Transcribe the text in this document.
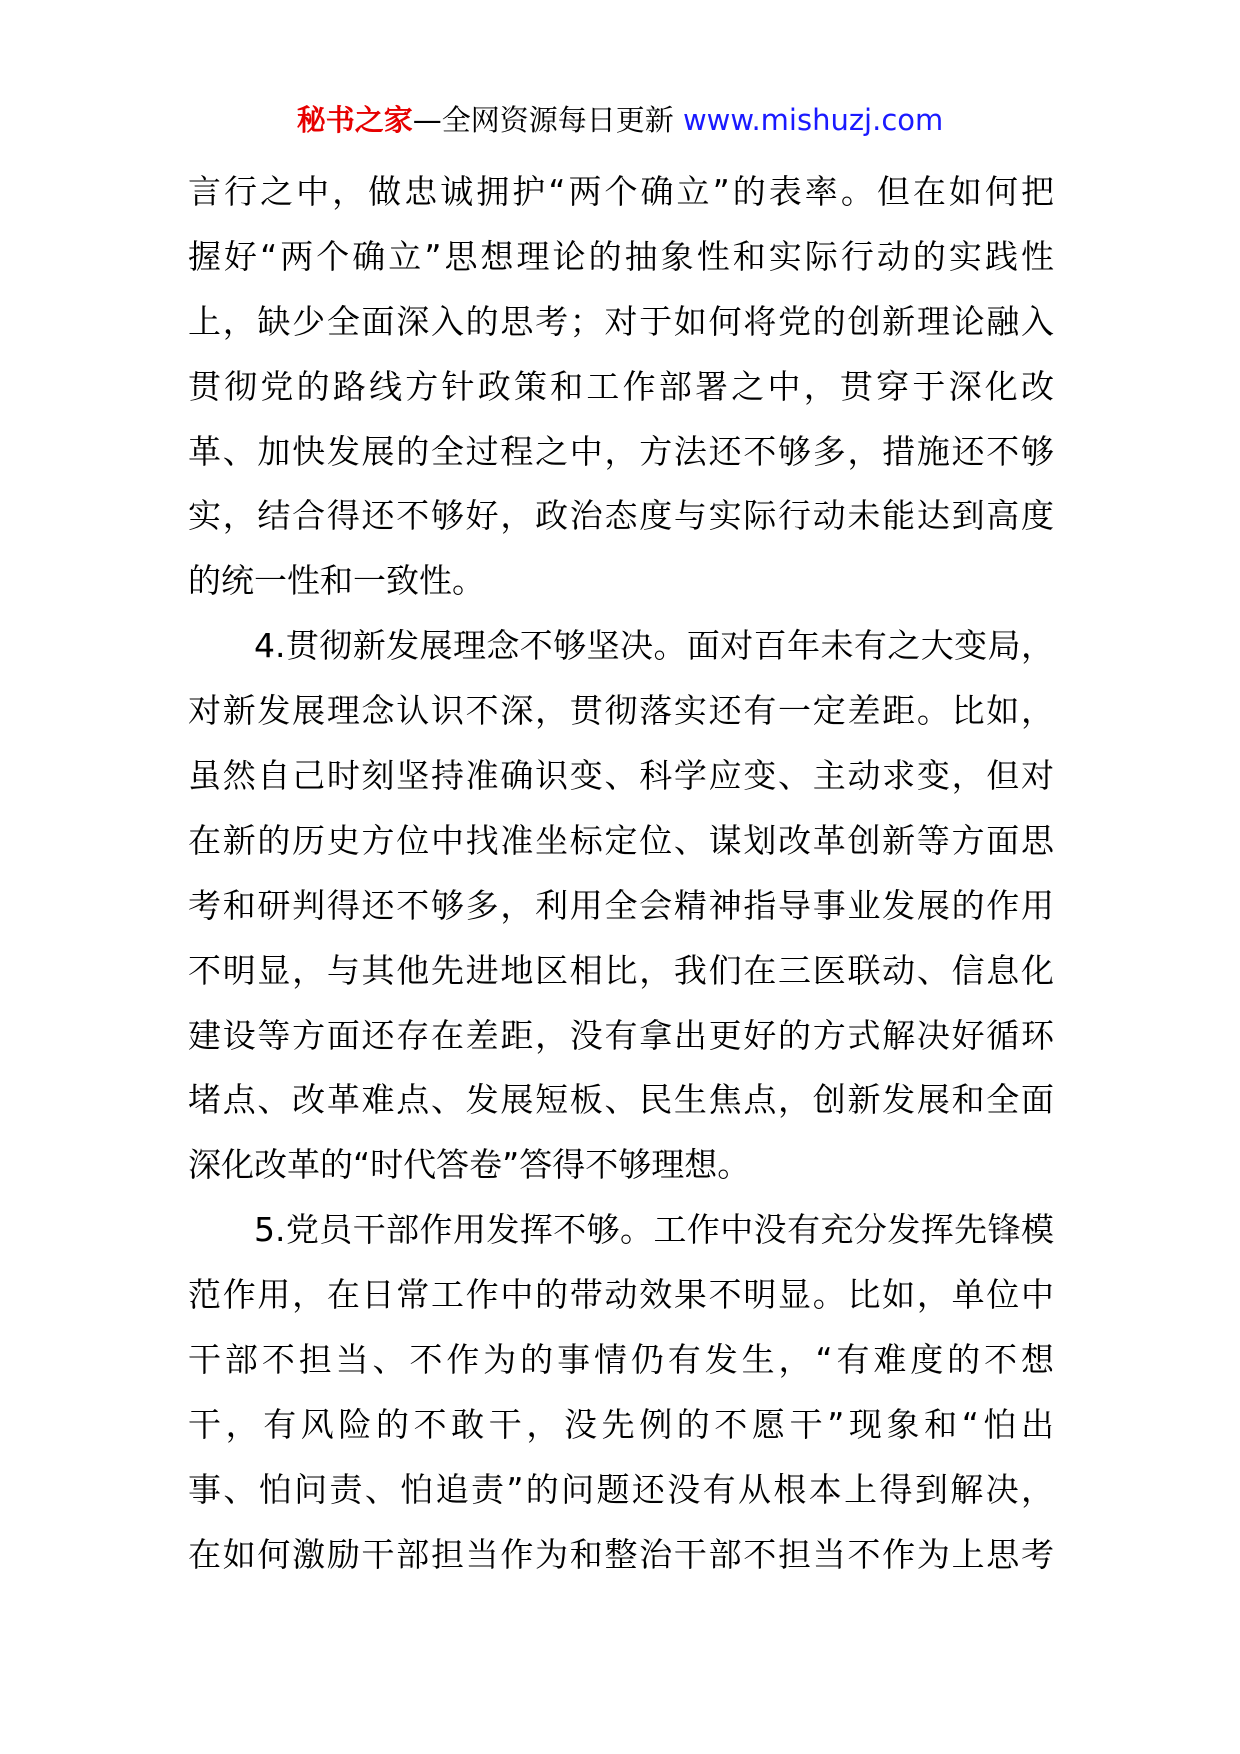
秘书之家—全网资源每日更新 www.mishuzj.com
言行之中，做忠诚拥护“两个确立”的表率。但在如何把
握好“两个确立”思想理论的抽象性和实际行动的实践性
上，缺少全面深入的思考；对于如何将党的创新理论融入
贯彻党的路线方针政策和工作部署之中，贯穿于深化改
革、加快发展的全过程之中，方法还不够多，措施还不够
实，结合得还不够好，政治态度与实际行动未能达到高度
的统一性和一致性。
4.贯彻新发展理念不够坚决。面对百年未有之大变局，
对新发展理念认识不深，贯彻落实还有一定差距。比如，
虽然自己时刻坚持准确识变、科学应变、主动求变，但对
在新的历史方位中找准坐标定位、谋划改革创新等方面思
考和研判得还不够多，利用全会精神指导事业发展的作用
不明显，与其他先进地区相比，我们在三医联动、信息化
建设等方面还存在差距，没有拿出更好的方式解决好循环
堵点、改革难点、发展短板、民生焦点，创新发展和全面
深化改革的“时代答卷”答得不够理想。
5.党员干部作用发挥不够。工作中没有充分发挥先锋模
范作用，在日常工作中的带动效果不明显。比如，单位中
干部不担当、不作为的事情仍有发生，“有难度的不想
干，有风险的不敢干，没先例的不愿干”现象和“怕出
事、怕问责、怕追责”的问题还没有从根本上得到解决，
在如何激励干部担当作为和整治干部不担当不作为上思考
